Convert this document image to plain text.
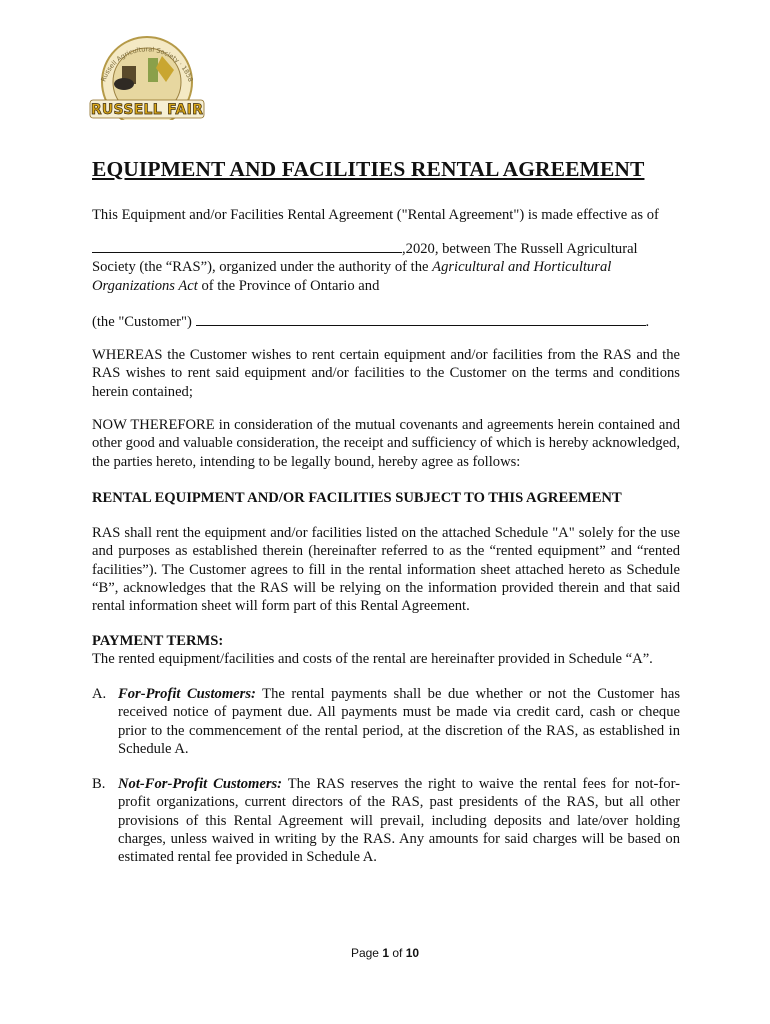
Russell Agricultural Society · 1858
RUSSELL FAIR
EQUIPMENT AND FACILITIES RENTAL AGREEMENT

This Equipment and/or Facilities Rental Agreement ("Rental Agreement") is made effective as of

,2020, between The Russell Agricultural
Society (the “RAS”), organized under the authority of the Agricultural and Horticultural
Organizations Act of the Province of Ontario and
(the "Customer")	.

WHEREAS the Customer wishes to rent certain equipment and/or facilities from the RAS and the RAS wishes to rent said equipment and/or facilities to the Customer on the terms and conditions herein contained;

NOW THEREFORE in consideration of the mutual covenants and agreements herein contained and other good and valuable consideration, the receipt and sufficiency of which is hereby acknowledged, the parties hereto, intending to be legally bound, hereby agree as follows:

RENTAL EQUIPMENT AND/OR FACILITIES SUBJECT TO THIS AGREEMENT

RAS shall rent the equipment and/or facilities listed on the attached Schedule "A" solely for the use and purposes as established therein (hereinafter referred to as the “rented equipment” and “rented facilities”). The Customer agrees to fill in the rental information sheet attached hereto as Schedule “B”, acknowledges that the RAS will be relying on the information provided therein and that said rental information sheet will form part of this Rental Agreement.

PAYMENT TERMS:

The rented equipment/facilities and costs of the rental are hereinafter provided in Schedule “A”.

A. For-Profit Customers: The rental payments shall be due whether or not the Customer has received notice of payment due. All payments must be made via credit card, cash or cheque prior to the commencement of the rental period, at the discretion of the RAS, as established in Schedule A.
B. Not-For-Profit Customers: The RAS reserves the right to waive the rental fees for not-for-profit organizations, current directors of the RAS, past presidents of the RAS, but all other provisions of this Rental Agreement will prevail, including deposits and late/over holding charges, unless waived in writing by the RAS. Any amounts for said charges will be based on estimated rental fee provided in Schedule A.
Page 1 of 10
